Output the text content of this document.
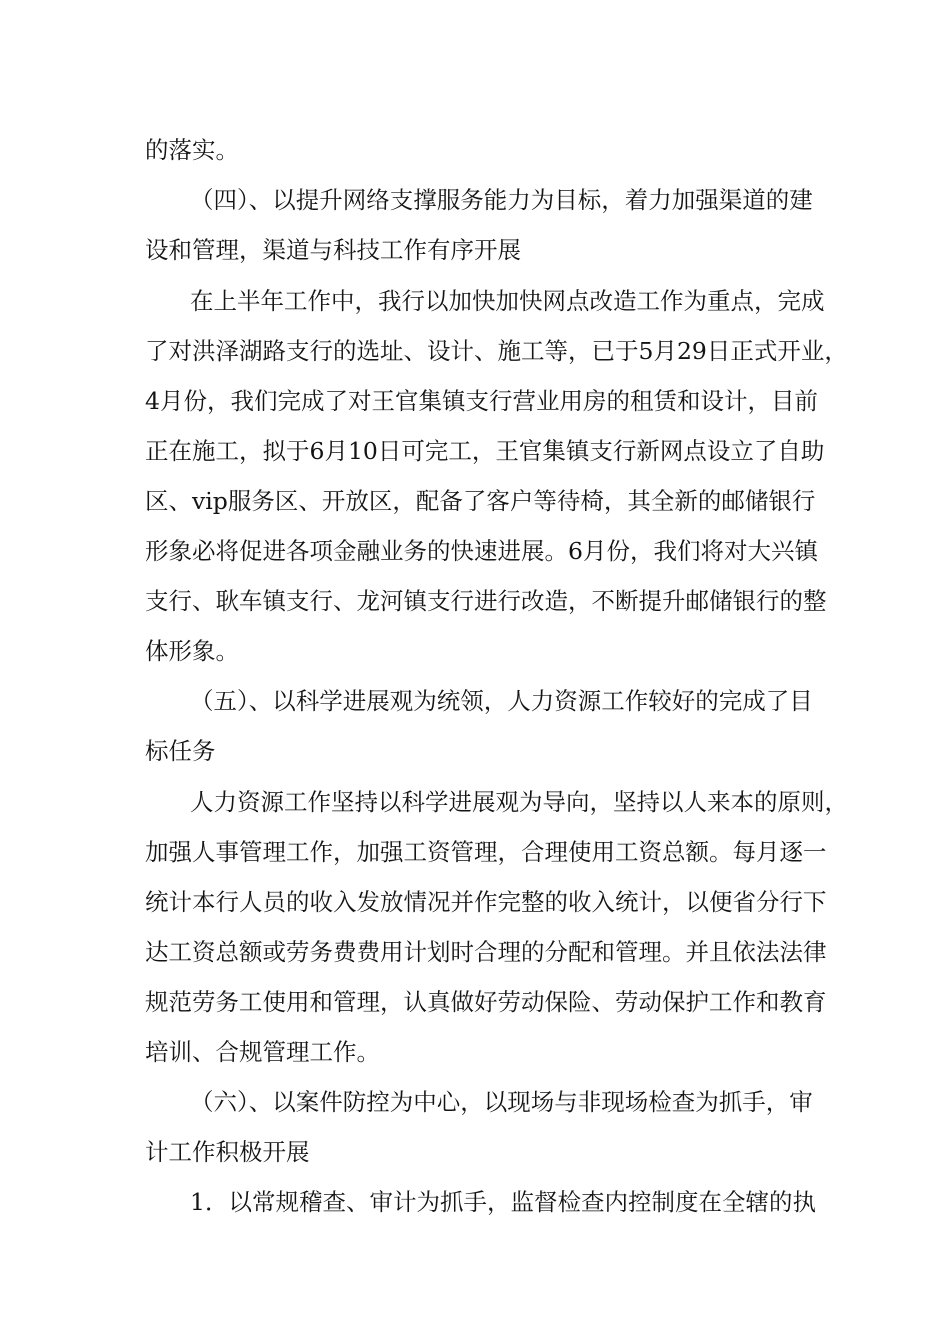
的落实。
（四）、以提升网络支撑服务能力为目标，着力加强渠道的建
设和管理，渠道与科技工作有序开展
在上半年工作中，我行以加快加快网点改造工作为重点，完成
了对洪泽湖路支行的选址、设计、施工等，已于5月29日正式开业，
4月份，我们完成了对王官集镇支行营业用房的租赁和设计，目前
正在施工，拟于6月10日可完工，王官集镇支行新网点设立了自助
区、vip服务区、开放区，配备了客户等待椅，其全新的邮储银行
形象必将促进各项金融业务的快速进展。6月份，我们将对大兴镇
支行、耿车镇支行、龙河镇支行进行改造，不断提升邮储银行的整
体形象。
（五）、以科学进展观为统领，人力资源工作较好的完成了目
标任务
人力资源工作坚持以科学进展观为导向，坚持以人来本的原则，
加强人事管理工作，加强工资管理，合理使用工资总额。每月逐一
统计本行人员的收入发放情况并作完整的收入统计，以便省分行下
达工资总额或劳务费费用计划时合理的分配和管理。并且依法法律
规范劳务工使用和管理，认真做好劳动保险、劳动保护工作和教育
培训、合规管理工作。
（六）、以案件防控为中心，以现场与非现场检查为抓手，审
计工作积极开展
1．以常规稽查、审计为抓手，监督检查内控制度在全辖的执
